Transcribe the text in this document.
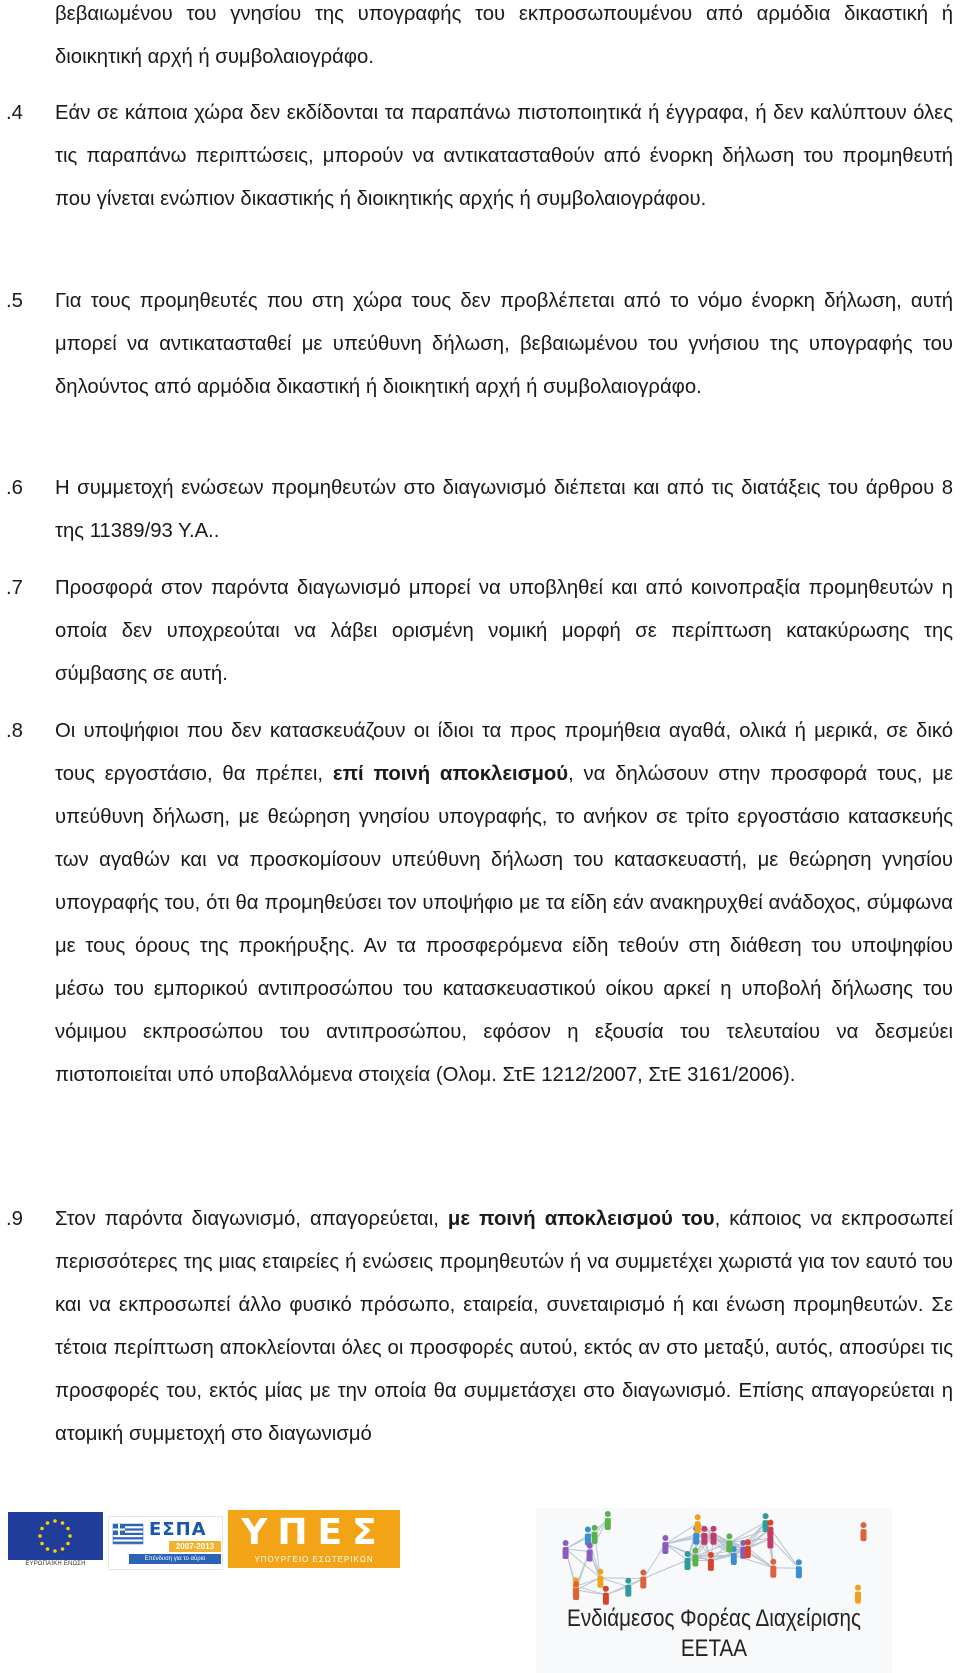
βεβαιωμένου του γνησίου της υπογραφής του εκπροσωπουμένου από αρμόδια δικαστική ή διοικητική αρχή ή συμβολαιογράφο.
.4	Εάν σε κάποια χώρα δεν εκδίδονται τα παραπάνω πιστοποιητικά ή έγγραφα, ή δεν καλύπτουν όλες τις παραπάνω περιπτώσεις, μπορούν να αντικατασταθούν από ένορκη δήλωση του προμηθευτή που γίνεται ενώπιον δικαστικής ή διοικητικής αρχής ή συμβολαιογράφου.
.5	Για τους προμηθευτές που στη χώρα τους δεν προβλέπεται από το νόμο ένορκη δήλωση, αυτή μπορεί να αντικατασταθεί με υπεύθυνη δήλωση, βεβαιωμένου του γνήσιου της υπογραφής του δηλούντος από αρμόδια δικαστική ή διοικητική αρχή ή συμβολαιογράφο.
.6	Η συμμετοχή ενώσεων προμηθευτών στο διαγωνισμό διέπεται και από τις διατάξεις του άρθρου 8 της 11389/93 Υ.Α..
.7	Προσφορά στον παρόντα διαγωνισμό μπορεί να υποβληθεί και από κοινοπραξία προμηθευτών η οποία δεν υποχρεούται να λάβει ορισμένη νομική μορφή σε περίπτωση κατακύρωσης της σύμβασης σε αυτή.
.8	Οι υποψήφιοι που δεν κατασκευάζουν οι ίδιοι τα προς προμήθεια αγαθά, ολικά ή μερικά, σε δικό τους εργοστάσιο, θα πρέπει, επί ποινή αποκλεισμού, να δηλώσουν στην προσφορά τους, με υπεύθυνη δήλωση, με θεώρηση γνησίου υπογραφής, το ανήκον σε τρίτο εργοστάσιο κατασκευής των αγαθών και να προσκομίσουν υπεύθυνη δήλωση του κατασκευαστή, με θεώρηση γνησίου υπογραφής του, ότι θα προμηθεύσει τον υποψήφιο με τα είδη εάν ανακηρυχθεί ανάδοχος, σύμφωνα με τους όρους της προκήρυξης. Αν τα προσφερόμενα είδη τεθούν στη διάθεση του υποψηφίου μέσω του εμπορικού αντιπροσώπου του κατασκευαστικού οίκου αρκεί η υποβολή δήλωσης του νόμιμου εκπροσώπου του αντιπροσώπου, εφόσον η εξουσία του τελευταίου να δεσμεύει πιστοποιείται υπό υποβαλλόμενα στοιχεία (Ολομ. ΣτΕ 1212/2007, ΣτΕ 3161/2006).
.9	Στον παρόντα διαγωνισμό, απαγορεύεται, με ποινή αποκλεισμού του, κάποιος να εκπροσωπεί περισσότερες της μιας εταιρείες ή ενώσεις προμηθευτών ή να συμμετέχει χωριστά για τον εαυτό του και να εκπροσωπεί άλλο φυσικό πρόσωπο, εταιρεία, συνεταιρισμό ή και ένωση προμηθευτών. Σε τέτοια περίπτωση αποκλείονται όλες οι προσφορές αυτού, εκτός αν στο μεταξύ, αυτός, αποσύρει τις προσφορές του, εκτός μίας με την οποία θα συμμετάσχει στο διαγωνισμό. Επίσης απαγορεύεται η ατομική συμμετοχή στο διαγωνισμό
ΕΥΡΩΠΑΪΚΗ ΕΝΩΣΗ
ΕΣΠΑ
2007-2013
Επένδυση για το αύριο
ΥΠΕΣ
ΥΠΟΥΡΓΕΙΟ ΕΣΩΤΕΡΙΚΩΝ
Ενδιάμεσος Φορέας Διαχείρισης ΕΕΤΑΑ
